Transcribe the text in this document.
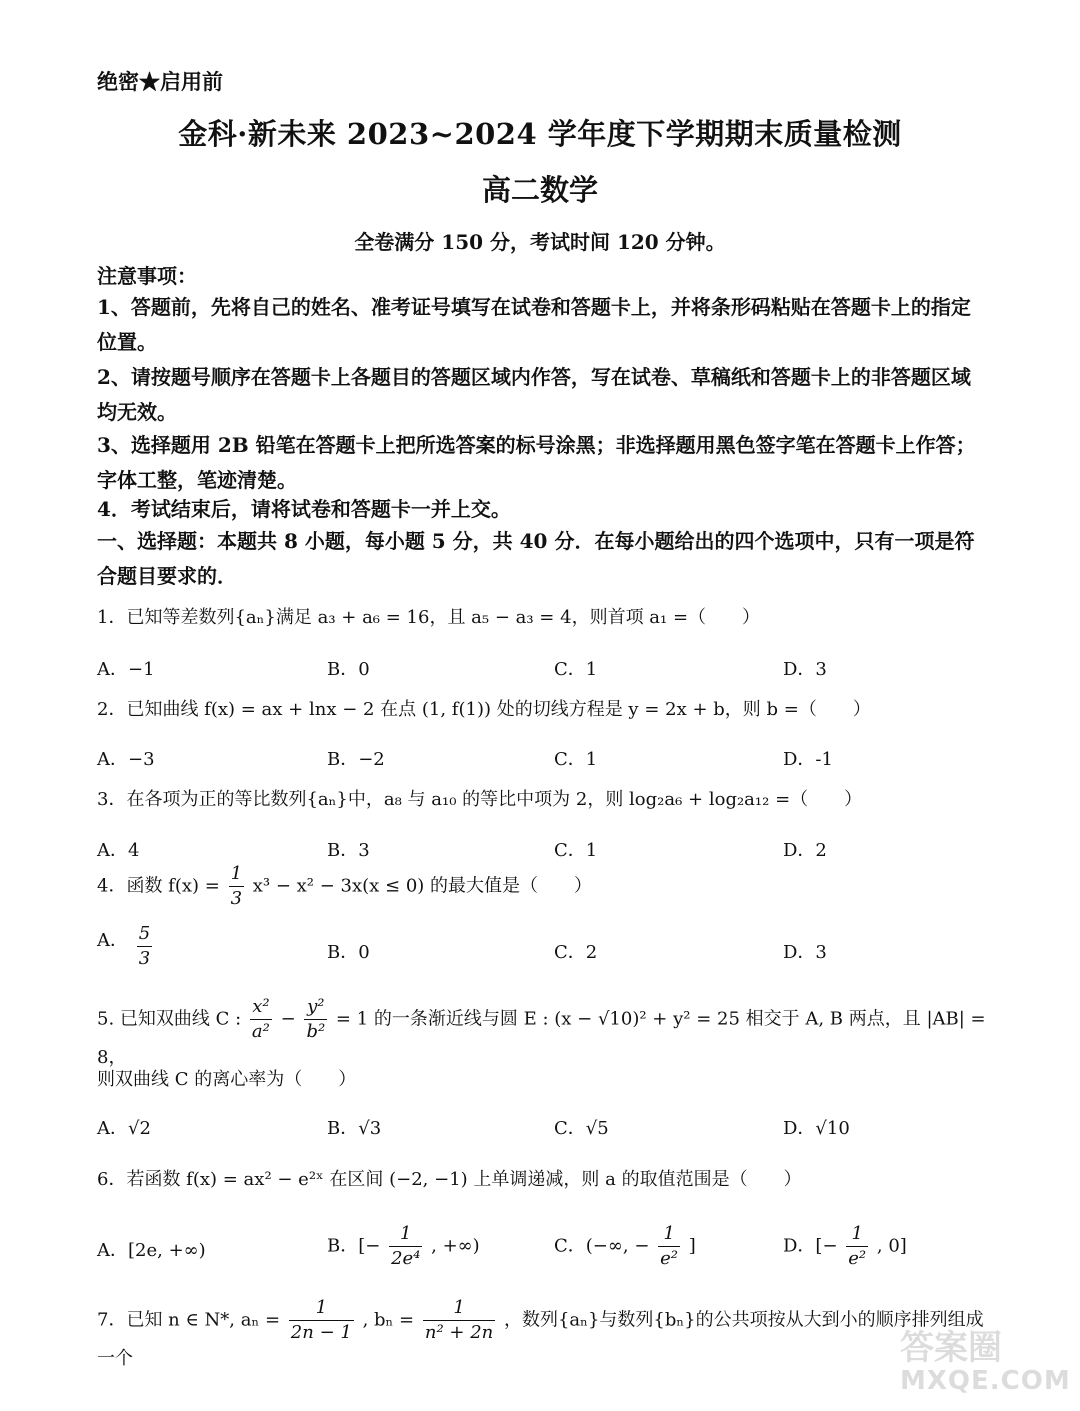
绝密★启用前
金科·新未来 2023~2024 学年度下学期期末质量检测
高二数学
全卷满分 150 分，考试时间 120 分钟。
注意事项：
1、答题前，先将自己的姓名、准考证号填写在试卷和答题卡上，并将条形码粘贴在答题卡上的指定位置。
2、请按题号顺序在答题卡上各题目的答题区域内作答，写在试卷、草稿纸和答题卡上的非答题区域均无效。
3、选择题用 2B 铅笔在答题卡上把所选答案的标号涂黑；非选择题用黑色签字笔在答题卡上作答；字体工整，笔迹清楚。
4．考试结束后，请将试卷和答题卡一并上交。
一、选择题：本题共 8 小题，每小题 5 分，共 40 分．在每小题给出的四个选项中，只有一项是符合题目要求的．
1．已知等差数列{aₙ}满足 a₃ + a₆ = 16，且 a₅ − a₃ = 4，则首项 a₁ =（　　）
A．−1	B．0	C．1	D．3
2．已知曲线 f(x) = ax + lnx − 2 在点 (1, f(1)) 处的切线方程是 y = 2x + b，则 b =（　　）
A．−3	B．−2	C．1	D．-1
3．在各项为正的等比数列{aₙ}中，a₈ 与 a₁₀ 的等比中项为 2，则 log₂a₆ + log₂a₁₂ =（　　）
A．4	B．3	C．1	D．2
4．函数 $f(x) = \frac{1}{3} x^3 - x^2 - 3x(x \le 0)$ 的最大值是（　　）
A． $\frac{5}{3}$	B．0	C．2	D．3
5. 已知双曲线 C : $\frac{\text{x²}}{\text{a²}} - \frac{\text{y²}}{\text{b²}} = 1$ 的一条渐近线与圆 E : (x − √10)² + y² = 25 相交于 A, B 两点，且 |AB| = 8，
则双曲线 C 的离心率为（　　）
A．√2	B．√3	C．√5	D．√10
6．若函数 f(x) = ax² − e²ˣ 在区间 (−2, −1) 上单调递减，则 a 的取值范围是（　　）
A．[2e, +∞)	B．[− $\frac{1}{\text{2e⁴}}$ , +∞)	C．(−∞, − $\frac{1}{\text{e²}}$ ]	D．[− $\frac{1}{\text{e²}}$ , 0]
7．已知 n ∈ N*, $a_n = \frac{1}{2n - 1}$ , $b_n = \frac{1}{\text{n² + 2n}}$ ，数列{aₙ}与数列{bₙ}的公共项按从大到小的顺序排列组成一个	答案圈
MXQE.COM
